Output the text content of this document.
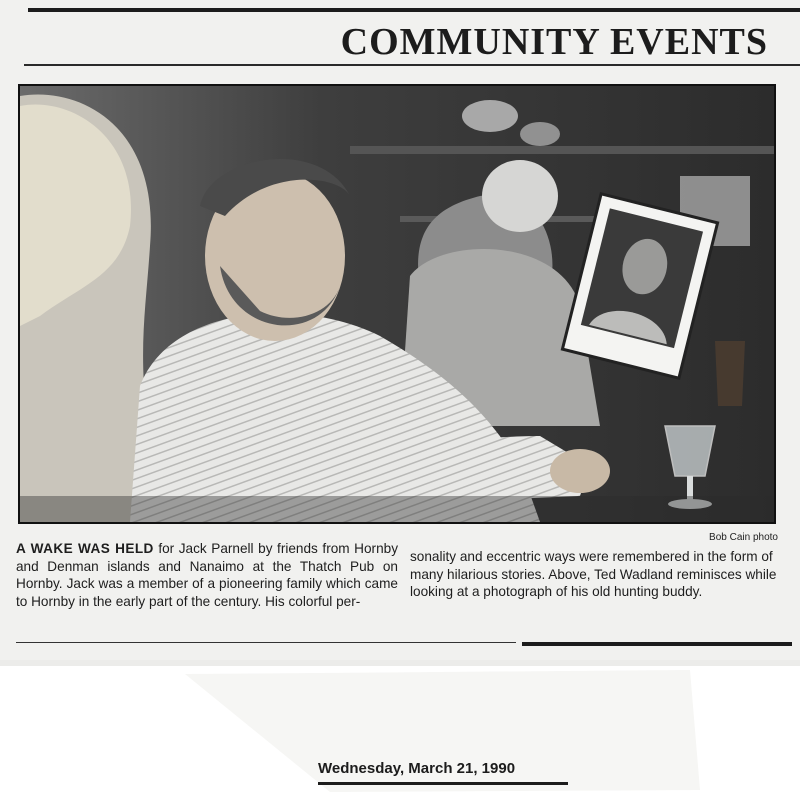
COMMUNITY EVENTS
Bob Cain photo
A WAKE WAS HELD for Jack Parnell by friends from Hornby and Denman islands and Nanaimo at the Thatch Pub on Hornby. Jack was a member of a pioneering family which came to Hornby in the early part of the century. His colorful per-
sonality and eccentric ways were remembered in the form of many hilarious stories. Above, Ted Wadland reminisces while looking at a photograph of his old hunting buddy.
Wednesday, March 21, 1990
